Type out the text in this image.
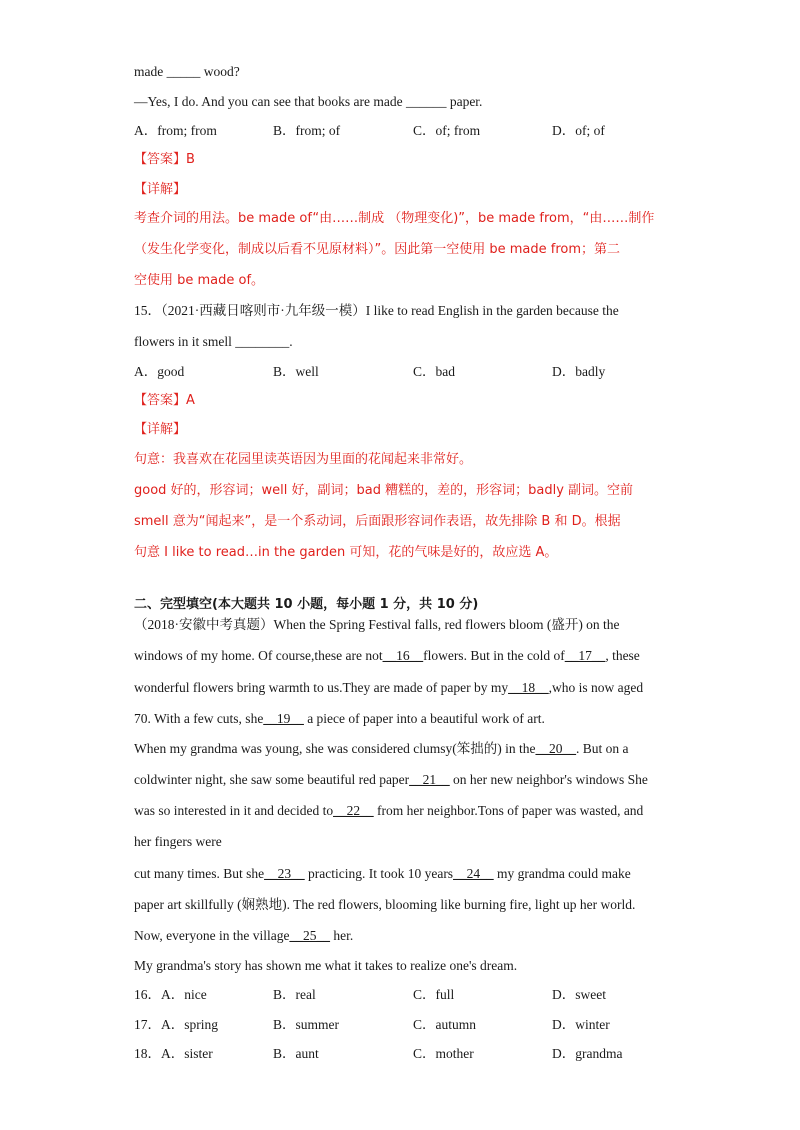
made _____ wood?
—Yes, I do. And you can see that books are made ______ paper.
A．from; from	B．from; of	C．of; from	D．of; of
【答案】B
【详解】
考查介词的用法。be made of“由……制成 （物理变化)”，be made from，“由……制作
（发生化学变化，制成以后看不见原材料）”。因此第一空使用 be made from；第二
空使用 be made of。
15．（2021·西藏日喀则市·九年级一模）I like to read English in the garden because the
flowers in it smell ________.
A．good	B．well	C．bad	D．badly
【答案】A
【详解】
句意：我喜欢在花园里读英语因为里面的花闻起来非常好。
good 好的，形容词；well 好，副词；bad 糟糕的，差的，形容词；badly 副词。空前
smell 意为“闻起来”，是一个系动词，后面跟形容词作表语，故先排除 B 和 D。根据
句意 I like to read…in the garden 可知，花的气味是好的，故应选 A。
二、完型填空(本大题共 10 小题，每小题 1 分，共 10 分)
（2018·安徽中考真题）When the Spring Festival falls, red flowers bloom (盛开) on the
windows of my home. Of course,these are not__16__flowers. But in the cold of__17__, these
wonderful flowers bring warmth to us.They are made of paper by my__18__,who is now aged
70. With a few cuts, she__19__ a piece of paper into a beautiful work of art.
When my grandma was young, she was considered clumsy(笨拙的) in the__20__. But on a
coldwinter night, she saw some beautiful red paper__21__ on her new neighbor's windows She
was so interested in it and decided to__22__ from her neighbor.Tons of paper was wasted, and
her fingers were
cut many times. But she__23__ practicing. It took 10 years__24__ my grandma could make
paper art skillfully (娴熟地). The red flowers, blooming like burning fire, light up her world.
Now, everyone in the village__25__ her.
My grandma's story has shown me what it takes to realize one's dream.
16．A．nice	B．real	C．full	D．sweet
17．A．spring	B．summer	C．autumn	D．winter
18．A．sister	B．aunt	C．mother	D．grandma
